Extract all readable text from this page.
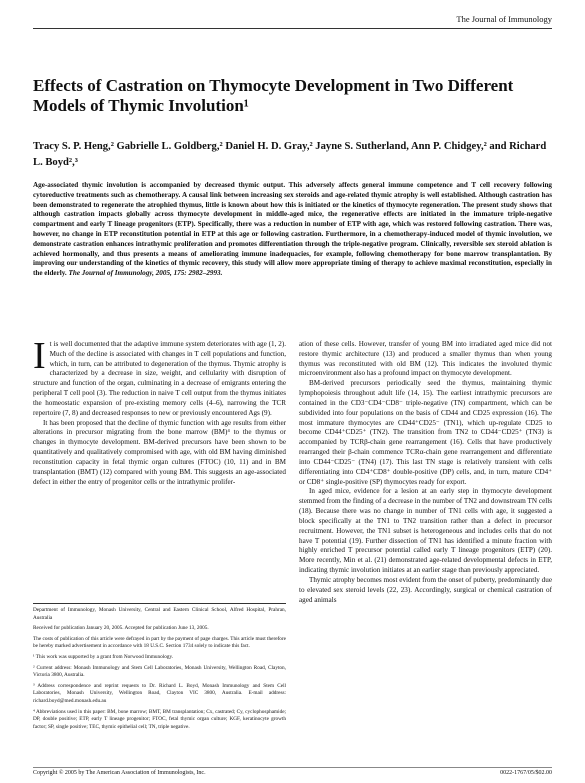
The Journal of Immunology
Effects of Castration on Thymocyte Development in Two Different Models of Thymic Involution¹
Tracy S. P. Heng,² Gabrielle L. Goldberg,² Daniel H. D. Gray,² Jayne S. Sutherland, Ann P. Chidgey,² and Richard L. Boyd²,³
Age-associated thymic involution is accompanied by decreased thymic output. This adversely affects general immune competence and T cell recovery following cytoreductive treatments such as chemotherapy. A causal link between increasing sex steroids and age-related thymic atrophy is well established. Although castration has been demonstrated to regenerate the atrophied thymus, little is known about how this is initiated or the kinetics of thymocyte regeneration. The present study shows that although castration impacts globally across thymocyte development in middle-aged mice, the regenerative effects are initiated in the immature triple-negative compartment and early T lineage progenitors (ETP). Specifically, there was a reduction in number of ETP with age, which was restored following castration. There was, however, no change in ETP reconstitution potential in ETP at this age or following castration. Furthermore, in a chemotherapy-induced model of thymic involution, we demonstrate castration enhances intrathymic proliferation and promotes differentiation through the triple-negative program. Clinically, reversible sex steroid ablation is achieved hormonally, and thus presents a means of ameliorating immune inadequacies, for example, following chemotherapy for bone marrow transplantation. By improving our understanding of the kinetics of thymic recovery, this study will allow more appropriate timing of therapy to achieve maximal reconstitution, especially in the elderly. The Journal of Immunology, 2005, 175: 2982–2993.

I t is well documented that the adaptive immune system deteriorates with age (1, 2). Much of the decline is associated with changes in T cell populations and function, which, in turn, can be attributed to degeneration of the thymus. Thymic atrophy is characterized by a decrease in size, weight, and cellularity with disruption of structure and function of the organ, culminating in a decrease of emigrants entering the peripheral T cell pool (3). The reduction in naive T cell output from the thymus initiates the homeostatic expansion of pre-existing memory cells (4–6), narrowing the TCR repertoire (7, 8) and decreased responses to new or previously encountered Ags (9).

It has been proposed that the decline of thymic function with age results from either alterations in precursor migrating from the bone marrow (BM)⁴ to the thymus or changes in thymocyte development. BM-derived precursors have been shown to be quantitatively and qualitatively compromised with age, with old BM having diminished reconstitution capacity in fetal thymic organ cultures (FTOC) (10, 11) and in BM transplantation (BMT) (12) compared with young BM. This suggests an age-associated defect in either the entry of progenitor cells or the intrathymic prolifer-

Department of Immunology, Monash University, Central and Eastern Clinical School, Alfred Hospital, Prahran, Australia

Received for publication January 20, 2005. Accepted for publication June 13, 2005.

The costs of publication of this article were defrayed in part by the payment of page charges. This article must therefore be hereby marked advertisement in accordance with 18 U.S.C. Section 1734 solely to indicate this fact.

¹ This work was supported by a grant from Norwood Immunology.

² Current address: Monash Immunology and Stem Cell Laboratories, Monash University, Wellington Road, Clayton, Victoria 3800, Australia.

³ Address correspondence and reprint requests to Dr. Richard L. Boyd, Monash Immunology and Stem Cell Laboratories, Monash University, Wellington Road, Clayton VIC 3800, Australia. E-mail address: richard.boyd@med.monash.edu.au

⁴ Abbreviations used in this paper: BM, bone marrow; BMT, BM transplantation; Cx, castrated; Cy, cyclophosphamide; DP, double positive; ETP, early T lineage progenitor; FTOC, fetal thymic organ culture; KGF, keratinocyte growth factor; SP, single positive; TEC, thymic epithelial cell; TN, triple negative.

ation of these cells. However, transfer of young BM into irradiated aged mice did not restore thymic architecture (13) and produced a smaller thymus than when young thymus was reconstituted with old BM (12). This indicates the involuted thymic microenvironment also has a profound impact on thymocyte development.

BM-derived precursors periodically seed the thymus, maintaining thymic lymphopoiesis throughout adult life (14, 15). The earliest intrathymic precursors are contained in the CD3⁻CD4⁻CD8⁻ triple-negative (TN) compartment, which can be subdivided into four populations on the basis of CD44 and CD25 expression (16). The most immature thymocytes are CD44⁺CD25⁻ (TN1), which up-regulate CD25 to become CD44⁺CD25⁺ (TN2). The transition from TN2 to CD44⁻CD25⁺ (TN3) is accompanied by TCRβ-chain gene rearrangement (16). Cells that have productively rearranged their β-chain commence TCRα-chain gene rearrangement and differentiate into CD44⁻CD25⁻ (TN4) (17). This last TN stage is relatively transient with cells differentiating into CD4⁺CD8⁺ double-positive (DP) cells, and, in turn, mature CD4⁺ or CD8⁺ single-positive (SP) thymocytes ready for export.

In aged mice, evidence for a lesion at an early step in thymocyte development stemmed from the finding of a decrease in the number of TN2 and downstream TN cells (18). Because there was no change in number of TN1 cells with age, it suggested a block specifically at the TN1 to TN2 transition rather than a defect in precursor recruitment. However, the TN1 subset is heterogeneous and includes cells that do not have T potential (19). Further dissection of TN1 has identified a minute fraction with highly enriched T precursor potential called early T lineage progenitors (ETP) (20). More recently, Min et al. (21) demonstrated age-related developmental defects in ETP, indicating thymic involution initiates at an earlier stage than previously appreciated.

Thymic atrophy becomes most evident from the onset of puberty, predominantly due to elevated sex steroid levels (22, 23). Accordingly, surgical or chemical castration of aged animals

Copyright © 2005 by The American Association of Immunologists, Inc.	0022-1767/05/$02.00
